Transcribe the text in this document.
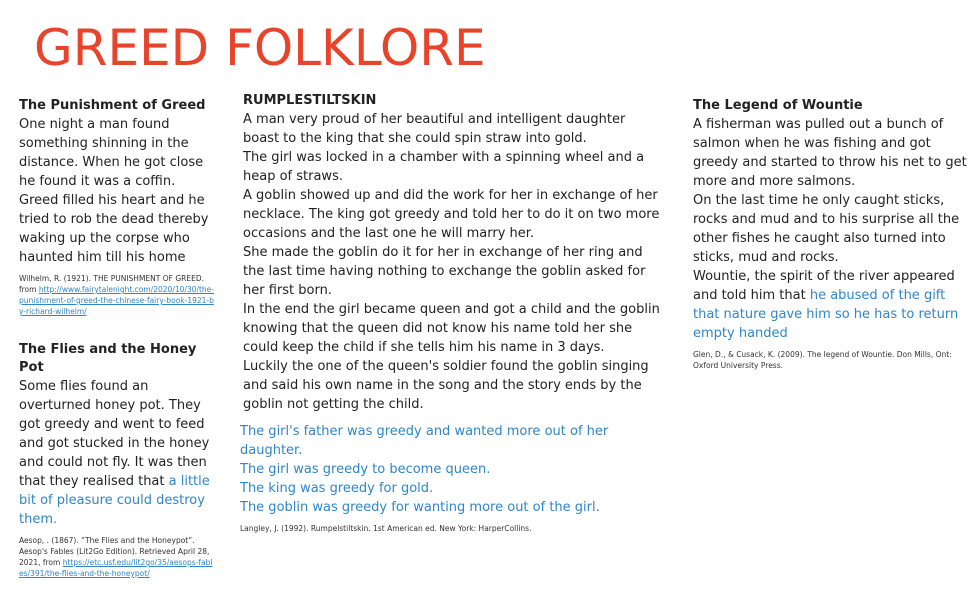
GREED FOLKLORE
The Punishment of Greed
One night a man found something shinning in the distance. When he got close he found it was a coffin. Greed filled his heart and he tried to rob the dead thereby waking up the corpse who haunted him till his home
Wilhelm, R. (1921). THE PUNISHMENT OF GREED. from http://www.fairytalenight.com/2020/10/30/the-punishment-of-greed-the-chinese-fairy-book-1921-by-richard-wilhelm/
The Flies and the Honey Pot
Some flies found an overturned honey pot. They got greedy and went to feed and got stucked in the honey and could not fly. It was then that they realised that a little bit of pleasure could destroy them.
Aesop, . (1867). “The Flies and the Honeypot”. Aesop's Fables (Lit2Go Edition). Retrieved April 28, 2021, from https://etc.usf.edu/lit2go/35/aesops-fables/391/the-flies-and-the-honeypot/
RUMPLESTILTSKIN

A man very proud of her beautiful and intelligent daughter boast to the king that she could spin straw into gold.

The girl was locked in a chamber with a spinning wheel and a heap of straws.

A goblin showed up and did the work for her in exchange of her necklace. The king got greedy and told her to do it on two more occasions and the last one he will marry her.

She made the goblin do it for her in exchange of her ring and the last time having nothing to exchange the goblin asked for her first born.

In the end the girl became queen and got a child and the goblin knowing that the queen did not know his name told her she could keep the child if she tells him his name in 3 days.

Luckily the one of the queen's soldier found the goblin singing and said his own name in the song and the story ends by the goblin not getting the child.

The girl's father was greedy and wanted more out of her daughter.

The girl was greedy to become queen.

The king was greedy for gold.

The goblin was greedy for wanting more out of the girl.

Langley, J. (1992). Rumpelstiltskin. 1st American ed. New York: HarperCollins.
The Legend of Wountie

A fisherman was pulled out a bunch of salmon when he was fishing and got greedy and started to throw his net to get more and more salmons.

On the last time he only caught sticks, rocks and mud and to his surprise all the other fishes he caught also turned into sticks, mud and rocks.

Wountie, the spirit of the river appeared and told him that he abused of the gift that nature gave him so he has to return empty handed

Glen, D., & Cusack, K. (2009). The legend of Wountie. Don Mills, Ont: Oxford University Press.
